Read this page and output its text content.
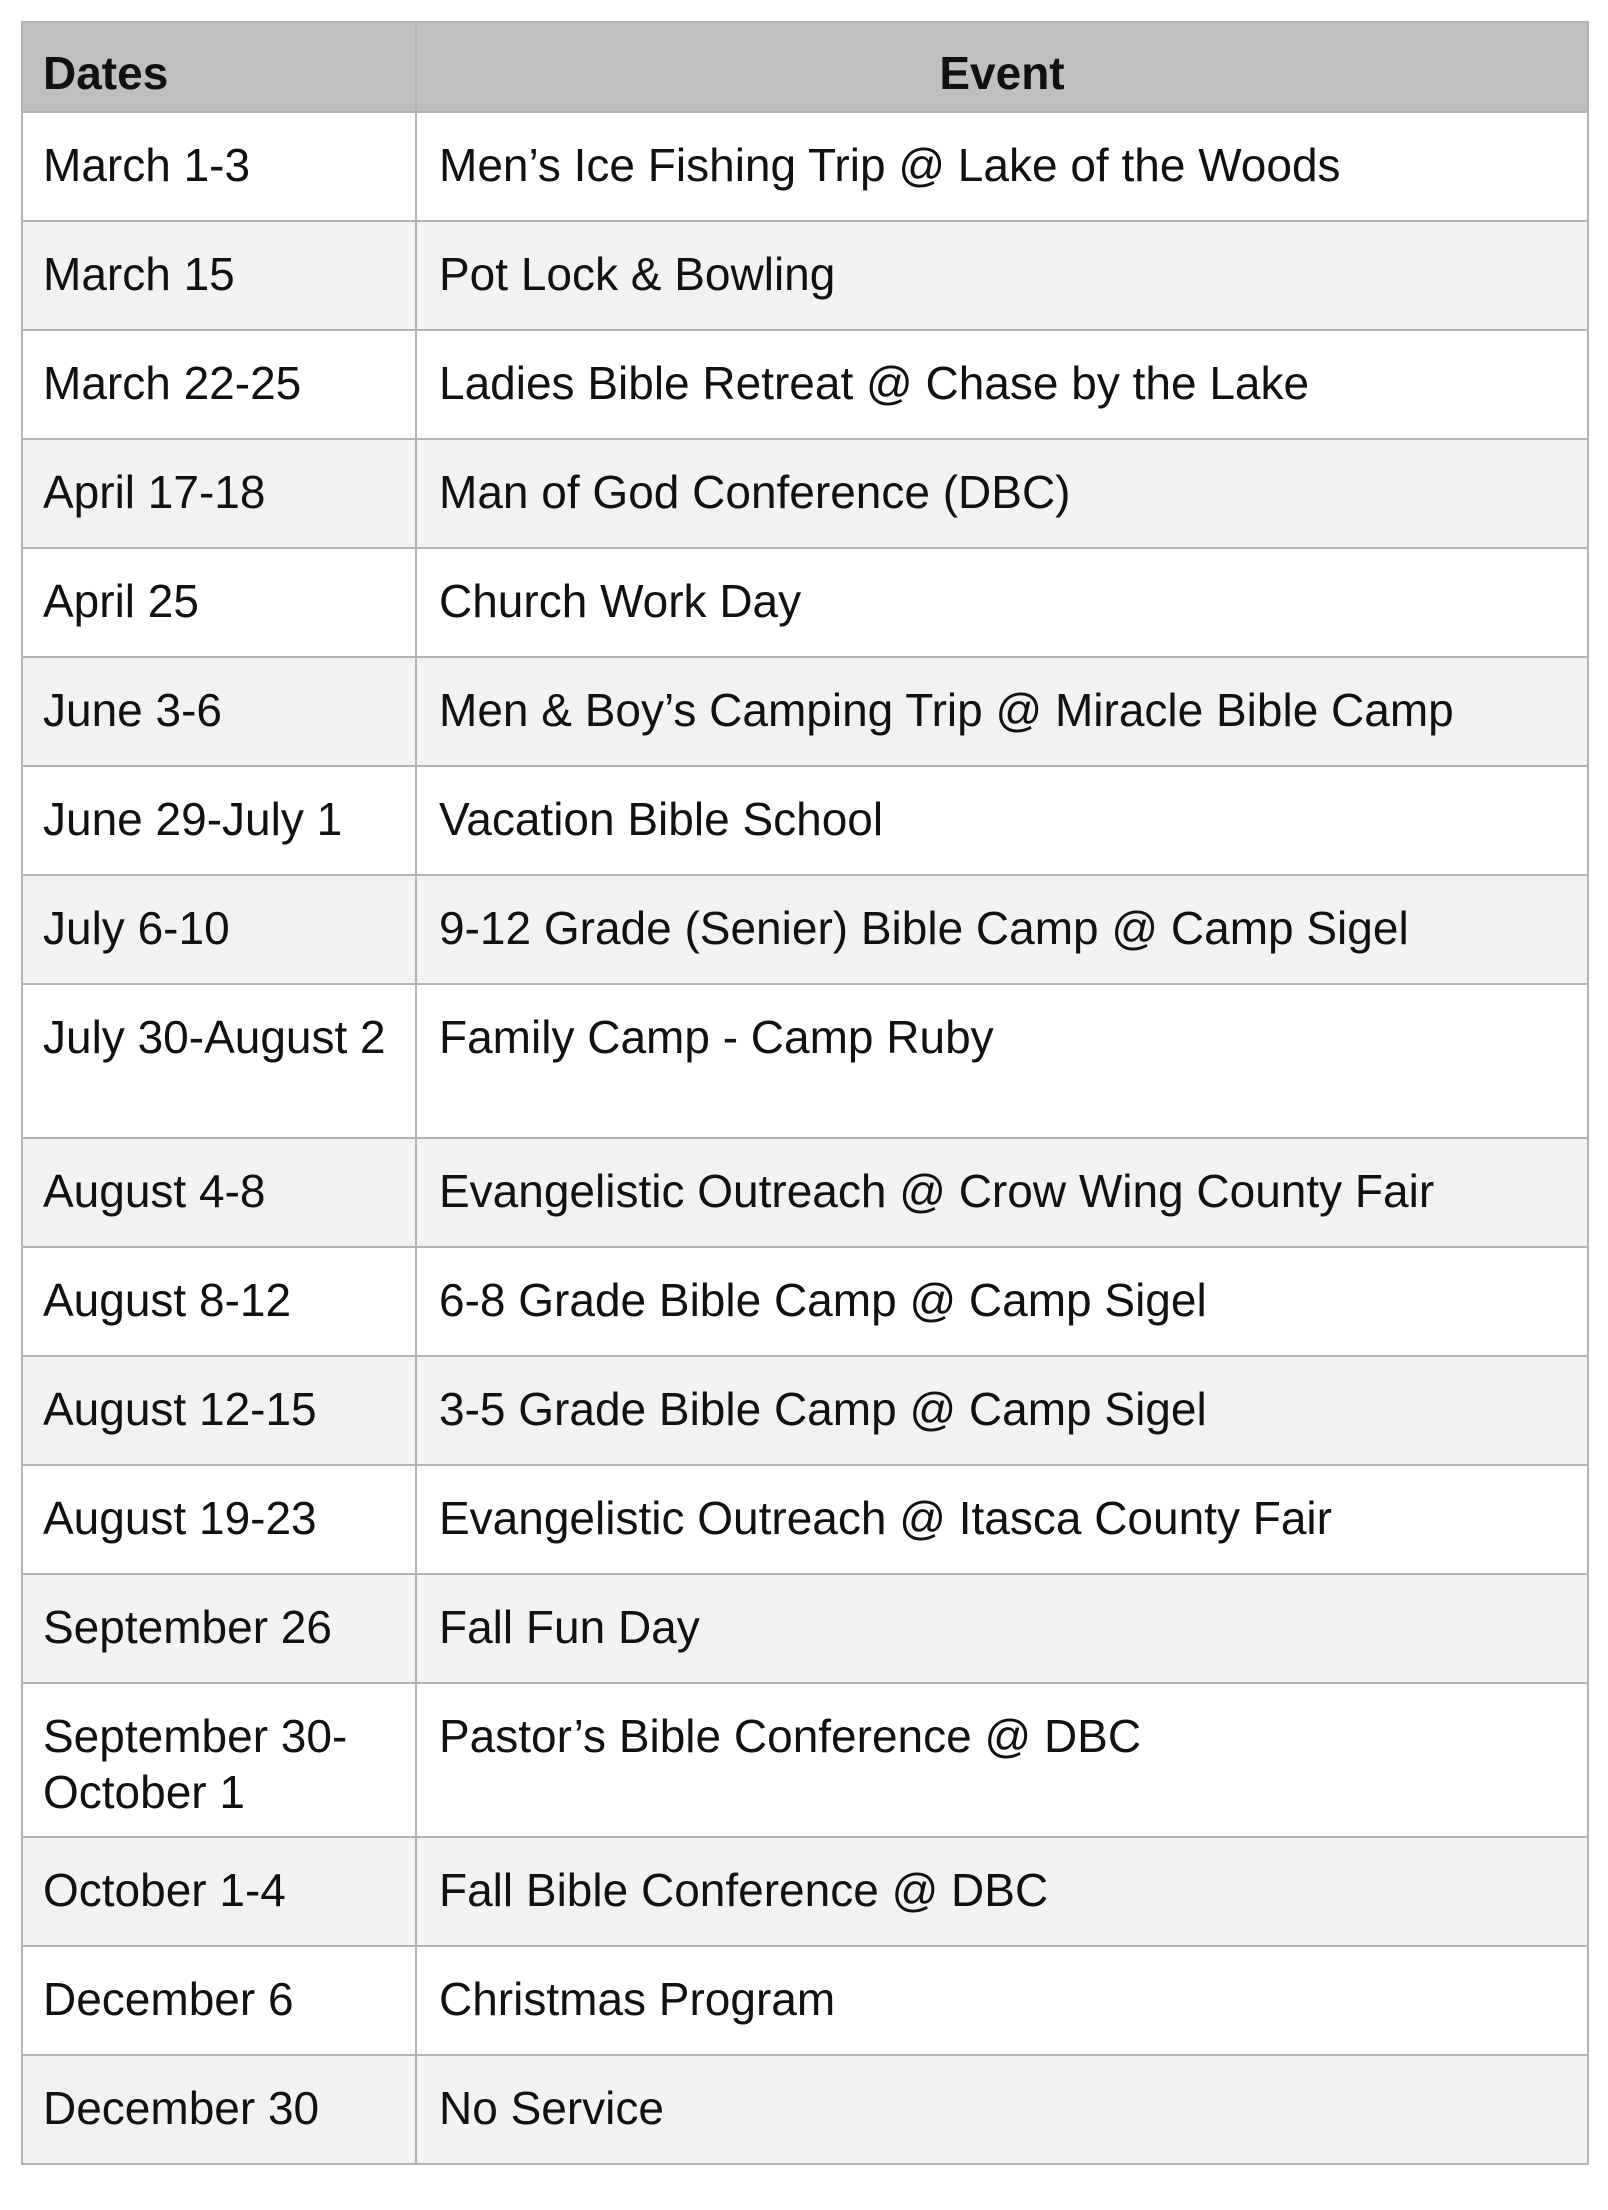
Dates	Event
March 1-3	Men’s Ice Fishing Trip @ Lake of the Woods
March 15	Pot Lock & Bowling
March 22-25	Ladies Bible Retreat @ Chase by the Lake
April 17-18	Man of God Conference (DBC)
April 25	Church Work Day
June 3-6	Men & Boy’s Camping Trip @ Miracle Bible Camp
June 29-July 1	Vacation Bible School
July 6-10	9-12 Grade (Senier) Bible Camp @ Camp Sigel
July 30-August 2	Family Camp - Camp Ruby
August 4-8	Evangelistic Outreach @ Crow Wing County Fair
August 8-12	6-8 Grade Bible Camp @ Camp Sigel
August 12-15	3-5 Grade Bible Camp @ Camp Sigel
August 19-23	Evangelistic Outreach @ Itasca County Fair
September 26	Fall Fun Day
September 30-October 1	Pastor’s Bible Conference @ DBC
October 1-4	Fall Bible Conference @ DBC
December 6	Christmas Program
December 30	No Service
